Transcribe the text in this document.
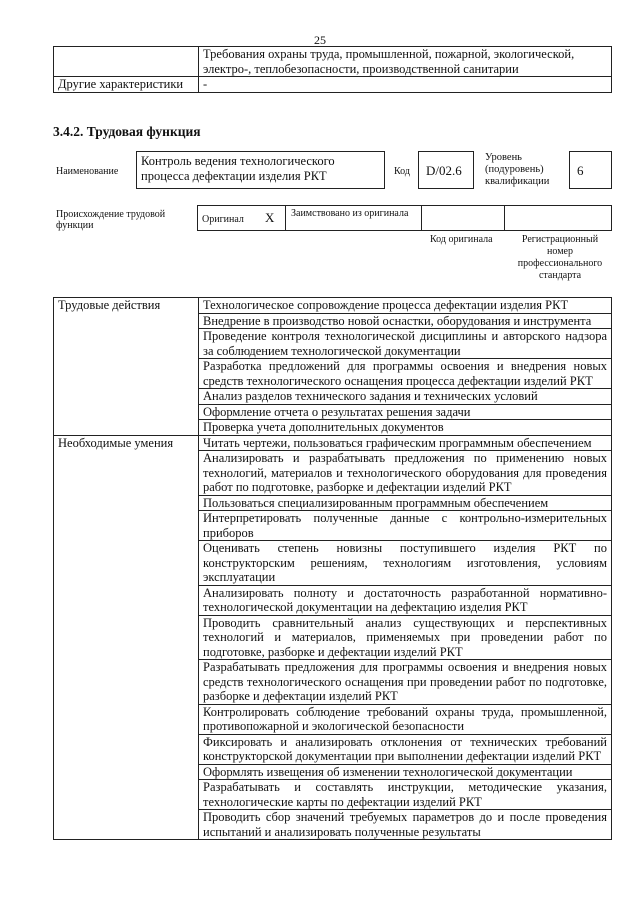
25
	Требования охраны труда, промышленной, пожарной, экологической, электро-, теплобезопасности, производственной санитарии
Другие характеристики	-
3.4.2. Трудовая функция
Наименование
Контроль ведения технологического процесса дефектации изделия РКТ	Код	D/02.6
Уровень (подуровень) квалификации
6
Происхождение трудовой функции
Оригинал X Заимствовано из оригинала
Код оригинала	Регистрационный номер профессионального стандарта
Трудовые действия	Технологическое сопровождение процесса дефектации изделия РКТ
	Внедрение в производство новой оснастки, оборудования и инструмента
	Проведение контроля технологической дисциплины и авторского надзора за соблюдением технологической документации
	Разработка предложений для программы освоения и внедрения новых средств технологического оснащения процесса дефектации изделий РКТ
	Анализ разделов технического задания и технических условий
	Оформление отчета о результатах решения задачи
	Проверка учета дополнительных документов
Необходимые умения	Читать чертежи, пользоваться графическим программным обеспечением
	Анализировать и разрабатывать предложения по применению новых технологий, материалов и технологического оборудования для проведения работ по подготовке, разборке и дефектации изделий РКТ
	Пользоваться специализированным программным обеспечением
	Интерпретировать полученные данные с контрольно-измерительных приборов
	Оценивать степень новизны поступившего изделия РКТ по конструкторским решениям, технологиям изготовления, условиям эксплуатации
	Анализировать полноту и достаточность разработанной нормативно-технологической документации на дефектацию изделия РКТ
	Проводить сравнительный анализ существующих и перспективных технологий и материалов, применяемых при проведении работ по подготовке, разборке и дефектации изделий РКТ
	Разрабатывать предложения для программы освоения и внедрения новых средств технологического оснащения при проведении работ по подготовке, разборке и дефектации изделий РКТ
	Контролировать соблюдение требований охраны труда, промышленной, противопожарной и экологической безопасности
	Фиксировать и анализировать отклонения от технических требований конструкторской документации при выполнении дефектации изделий РКТ
	Оформлять извещения об изменении технологической документации
	Разрабатывать и составлять инструкции, методические указания, технологические карты по дефектации изделий РКТ
	Проводить сбор значений требуемых параметров до и после проведения испытаний и анализировать полученные результаты
